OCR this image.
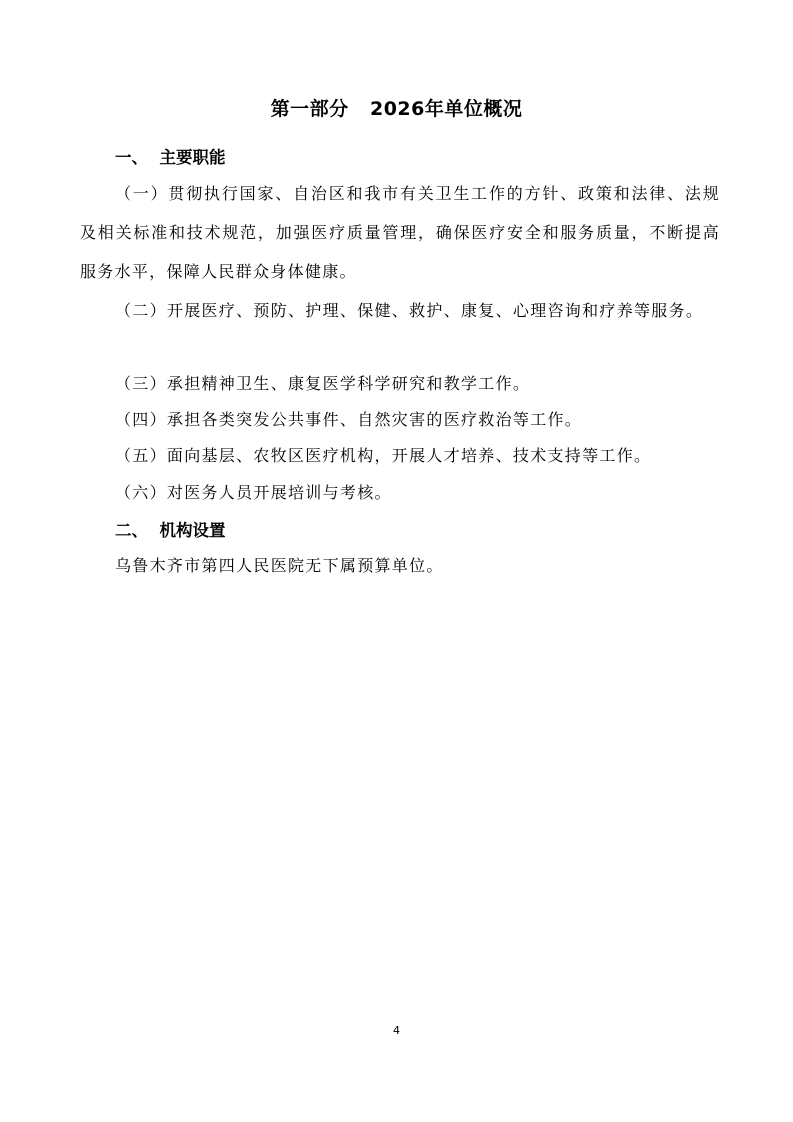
第一部分   2026年单位概况
一、  主要职能
（一）贯彻执行国家、自治区和我市有关卫生工作的方针、政策和法律、法规及相关标准和技术规范，加强医疗质量管理，确保医疗安全和服务质量，不断提高服务水平，保障人民群众身体健康。
（二）开展医疗、预防、护理、保健、救护、康复、心理咨询和疗养等服务。
（三）承担精神卫生、康复医学科学研究和教学工作。
（四）承担各类突发公共事件、自然灾害的医疗救治等工作。
（五）面向基层、农牧区医疗机构，开展人才培养、技术支持等工作。
（六）对医务人员开展培训与考核。
二、  机构设置
乌鲁木齐市第四人民医院无下属预算单位。
4
